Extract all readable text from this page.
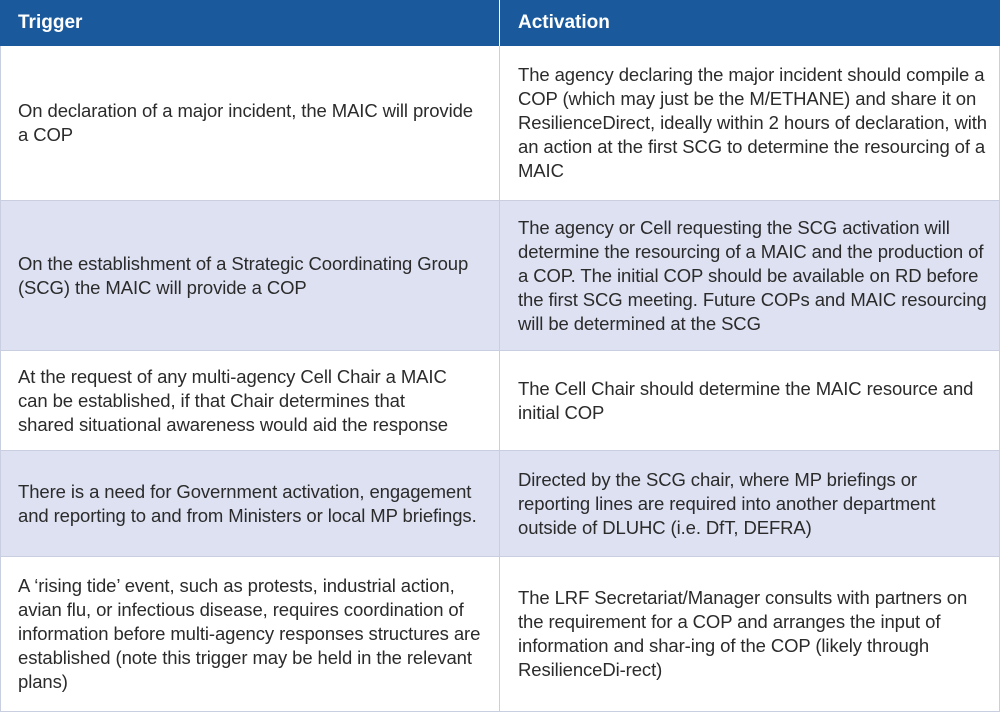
Trigger	Activation
On declaration of a major incident, the MAIC will provide a COP
The agency declaring the major incident should compile a COP (which may just be the M/ETHANE) and share it on ResilienceDirect, ideally within 2 hours of declaration, with an action at the first SCG to determine the resourcing of a MAIC
On the establishment of a Strategic Coordinating Group (SCG) the MAIC will provide a COP
The agency or Cell requesting the SCG activation will determine the resourcing of a MAIC and the production of a COP. The initial COP should be available on RD before the first SCG meeting. Future COPs and MAIC resourcing will be determined at the SCG
At the request of any multi-agency Cell Chair a MAIC can be established, if that Chair determines that shared situational awareness would aid the response
The Cell Chair should determine the MAIC resource and initial COP
There is a need for Government activation, engagement and reporting to and from Ministers or local MP briefings.
Directed by the SCG chair, where MP briefings or reporting lines are required into another department outside of DLUHC (i.e. DfT, DEFRA)
A ‘rising tide’ event, such as protests, industrial action, avian flu, or infectious disease, requires coordination of information before multi-agency responses structures are established (note this trigger may be held in the relevant plans)
The LRF Secretariat/Manager consults with partners on the requirement for a COP and arranges the input of information and shar-ing of the COP (likely through ResilienceDi-rect)
